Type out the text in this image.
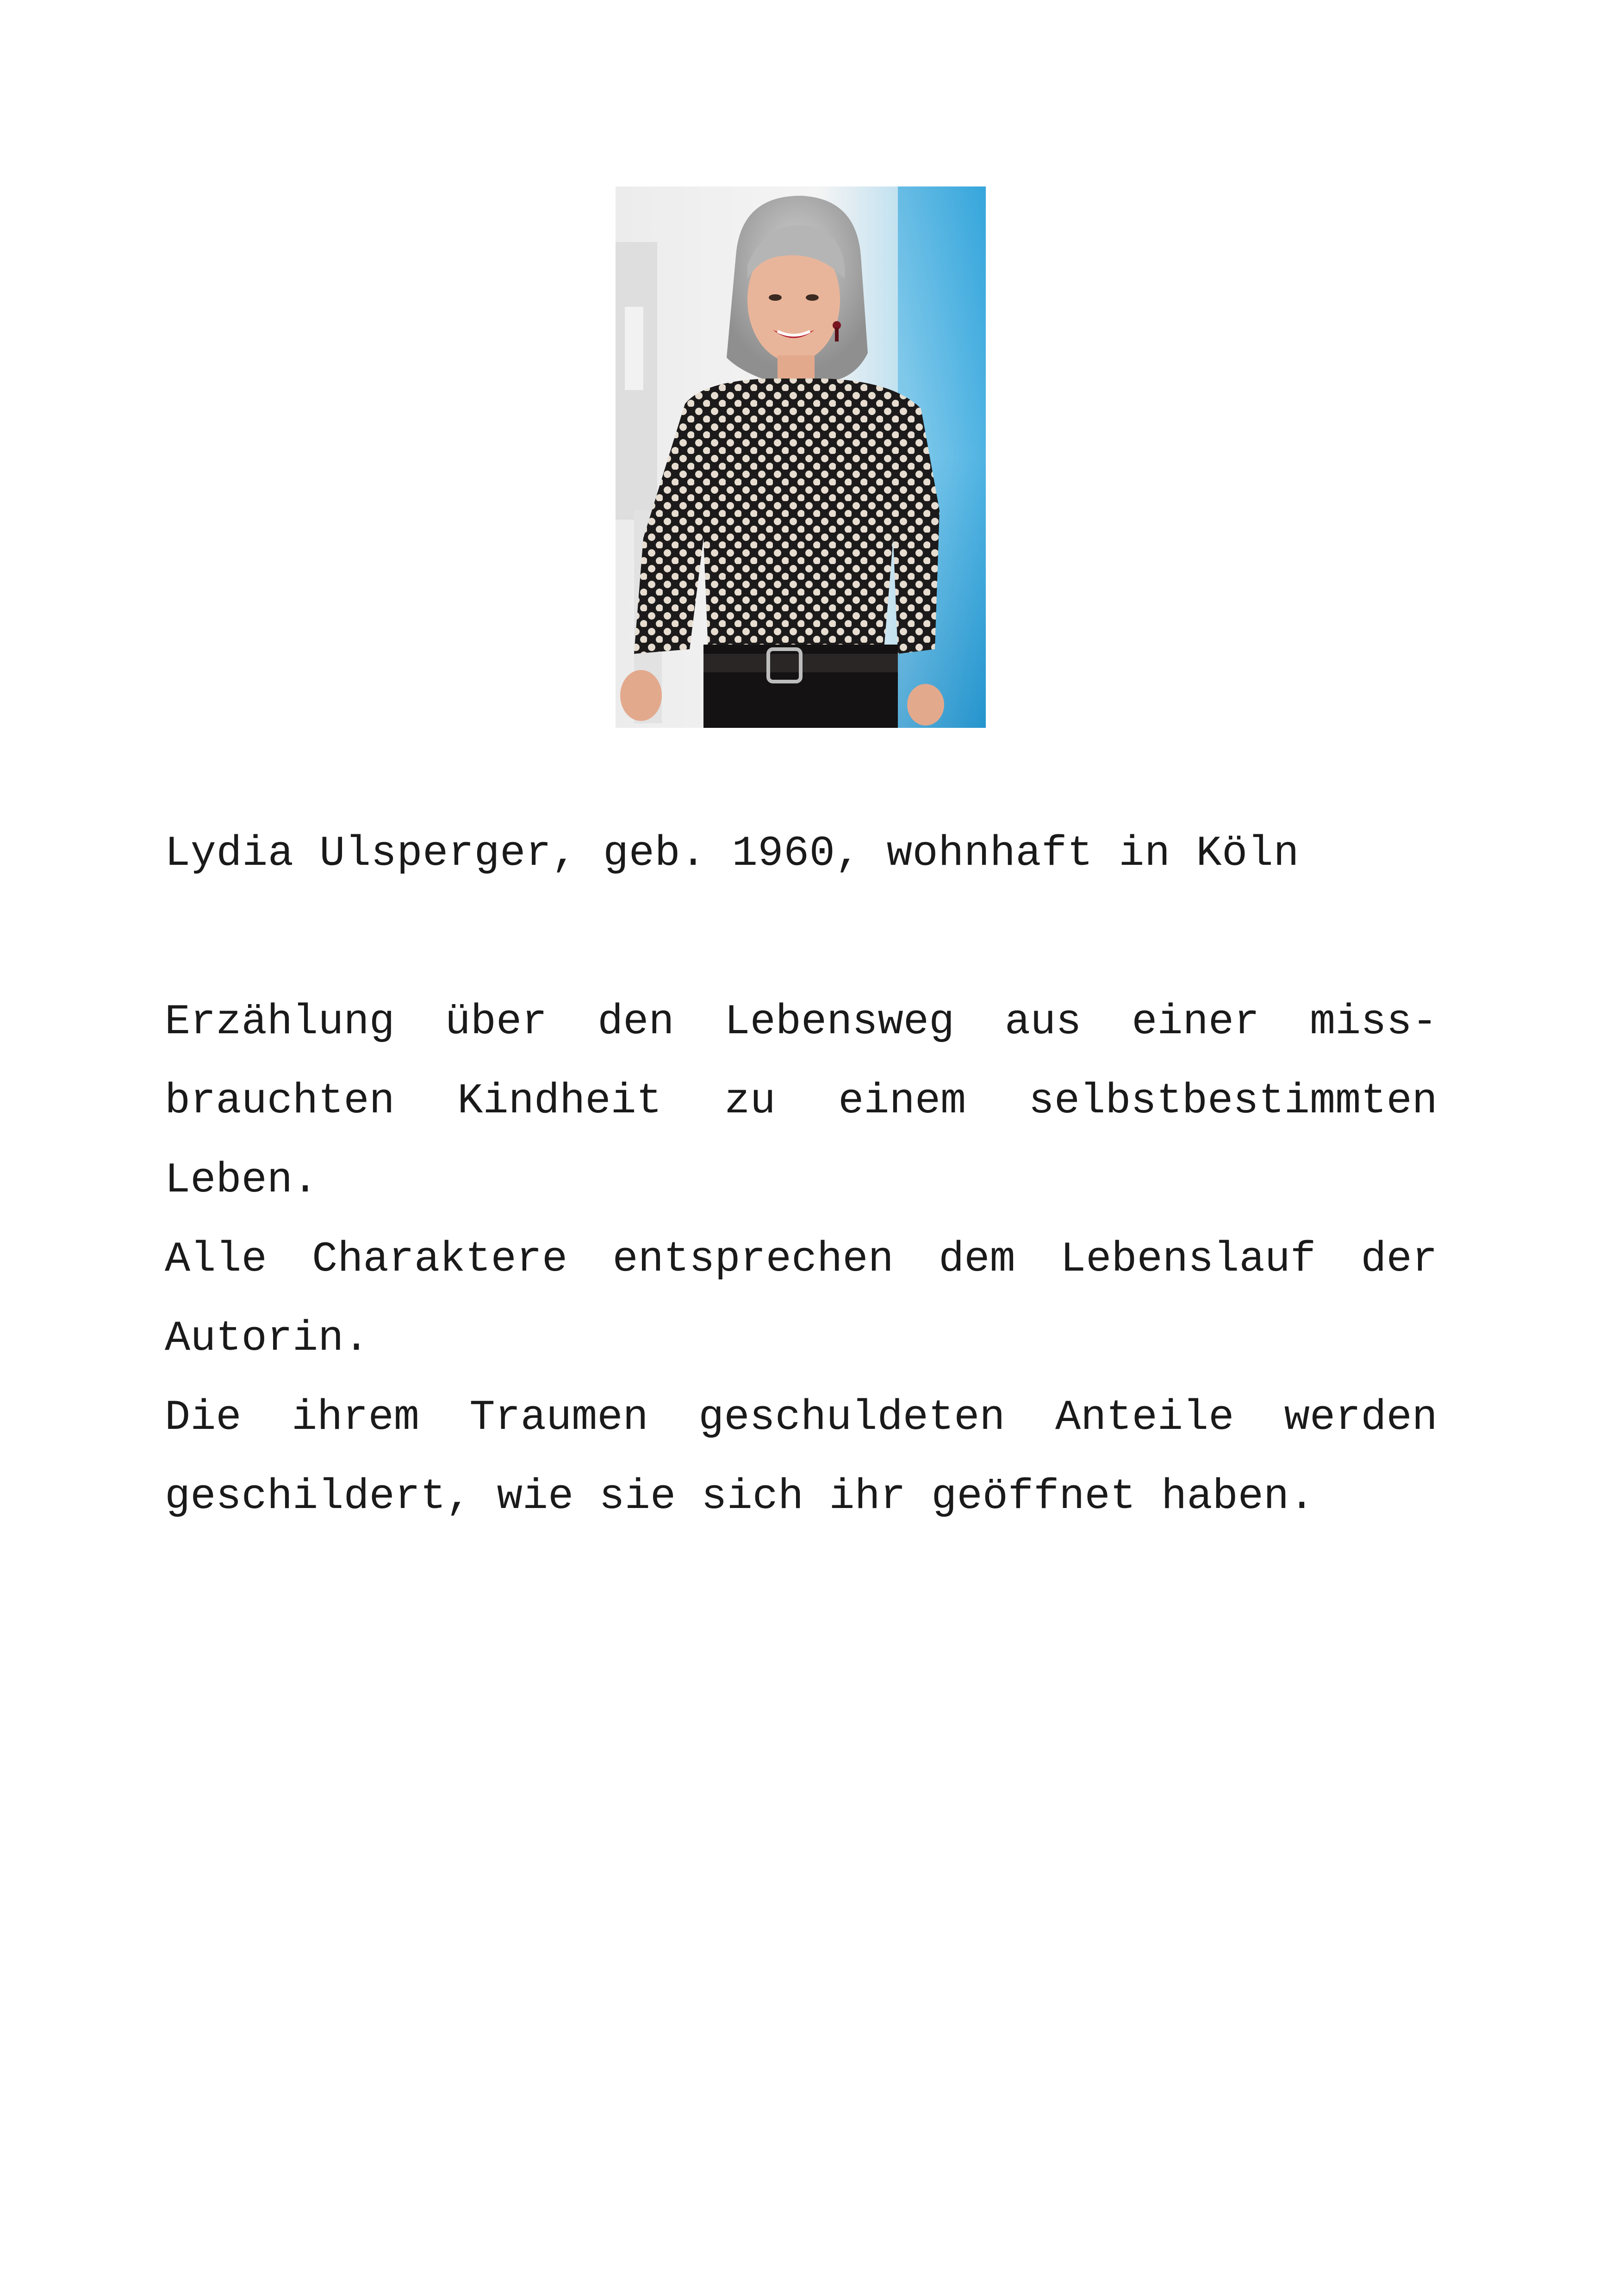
Lydia Ulsperger, geb. 1960, wohnhaft in Köln

Erzählung über den Lebensweg aus einer miss-brauchten Kindheit zu einem selbstbestimmten Leben.

Alle Charaktere entsprechen dem Lebenslauf der Autorin.

Die ihrem Traumen geschuldeten Anteile werden geschildert, wie sie sich ihr geöffnet haben.
